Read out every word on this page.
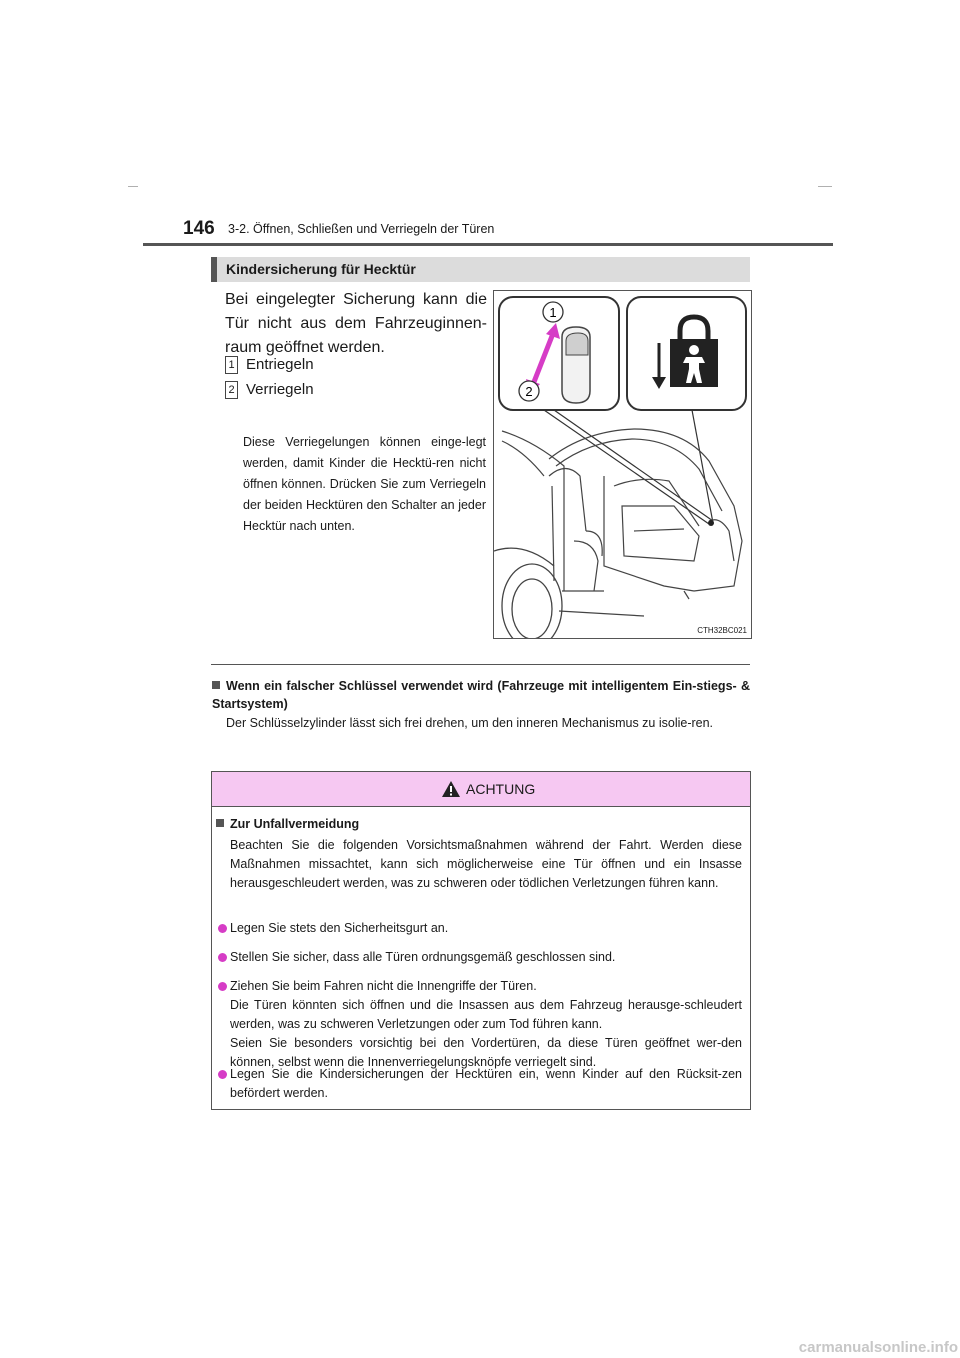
146 3-2. Öffnen, Schließen und Verriegeln der Türen
Kindersicherung für Hecktür
Bei eingelegter Sicherung kann die Tür nicht aus dem Fahrzeuginnen-raum geöffnet werden.
1 Entriegeln
2 Verriegeln
Diese Verriegelungen können einge-legt werden, damit Kinder die Hecktü-ren nicht öffnen können. Drücken Sie zum Verriegeln der beiden Hecktüren den Schalter an jeder Hecktür nach unten.
1
2
CTH32BC021
Wenn ein falscher Schlüssel verwendet wird (Fahrzeuge mit intelligentem Ein-stiegs- & Startsystem)
Der Schlüsselzylinder lässt sich frei drehen, um den inneren Mechanismus zu isolie-ren.
ACHTUNG
Zur Unfallvermeidung
Beachten Sie die folgenden Vorsichtsmaßnahmen während der Fahrt. Werden diese Maßnahmen missachtet, kann sich möglicherweise eine Tür öffnen und ein Insasse herausgeschleudert werden, was zu schweren oder tödlichen Verletzungen führen kann.
Legen Sie stets den Sicherheitsgurt an.
Stellen Sie sicher, dass alle Türen ordnungsgemäß geschlossen sind.
Ziehen Sie beim Fahren nicht die Innengriffe der Türen.
Die Türen könnten sich öffnen und die Insassen aus dem Fahrzeug herausge-schleudert werden, was zu schweren Verletzungen oder zum Tod führen kann.
Seien Sie besonders vorsichtig bei den Vordertüren, da diese Türen geöffnet wer-den können, selbst wenn die Innenverriegelungsknöpfe verriegelt sind.
Legen Sie die Kindersicherungen der Hecktüren ein, wenn Kinder auf den Rücksit-zen befördert werden.
carmanualsonline.info
